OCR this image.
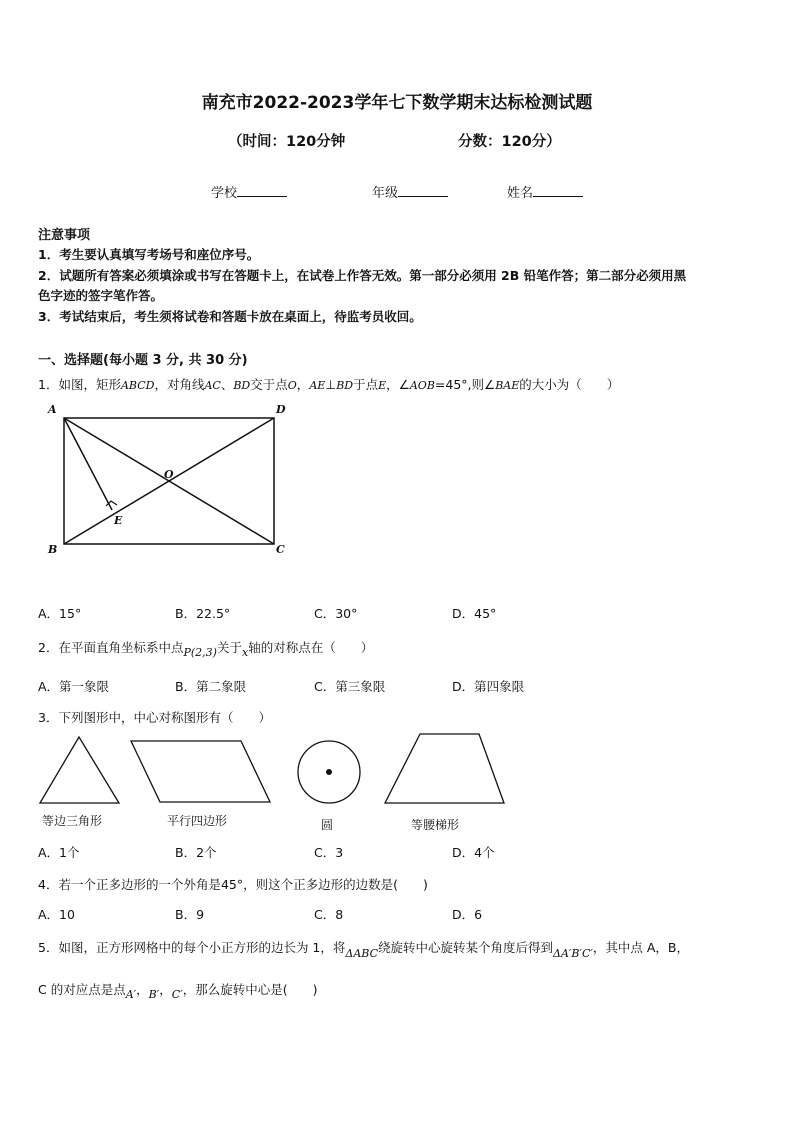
南充市2022-2023学年七下数学期末达标检测试题
（时间：120分钟	分数：120分）
学校	年级	姓名
注意事项
1．考生要认真填写考场号和座位序号。
2．试题所有答案必须填涂或书写在答题卡上，在试卷上作答无效。第一部分必须用 2B 铅笔作答；第二部分必须用黑
色字迹的签字笔作答。
3．考试结束后，考生须将试卷和答题卡放在桌面上，待监考员收回。
一、选择题(每小题 3 分, 共 30 分)
1．如图，矩形ABCD，对角线AC、BD交于点O，AE⊥BD于点E，∠AOB=45°,则∠BAE的大小为（　　）
A	D
B	C
O
E
A．15°	B．22.5°	C．30°	D．45°
2．在平面直角坐标系中点P(2,3)关于x轴的对称点在（　　）
A．第一象限	B．第二象限	C．第三象限	D．第四象限
3．下列图形中，中心对称图形有（　　）
等边三角形	平行四边形	圆	等腰梯形
A．1个	B．2个	C．3	D．4个
4．若一个正多边形的一个外角是45°，则这个正多边形的边数是(　　)
A．10	B．9	C．8	D．6
5．如图，正方形网格中的每个小正方形的边长为 1，将ΔABC绕旋转中心旋转某个角度后得到ΔA′B′C′，其中点 A，B，
C 的对应点是点A′，B′，C′，那么旋转中心是(　　)
